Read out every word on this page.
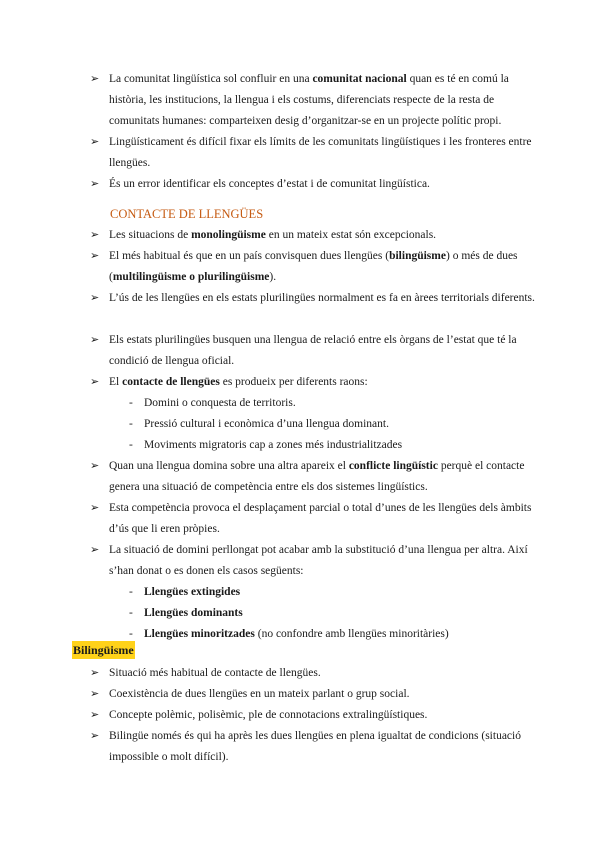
➢ La comunitat lingüística sol confluir en una comunitat nacional quan es té en comú la història, les institucions, la llengua i els costums, diferenciats respecte de la resta de comunitats humanes: comparteixen desig d’organitzar-se en un projecte polític propi.
➢ Lingüísticament és difícil fixar els límits de les comunitats lingüístiques i les fronteres entre llengües.
➢ És un error identificar els conceptes d’estat i de comunitat lingüística.
CONTACTE DE LLENGÜES
➢ Les situacions de monolingüisme en un mateix estat són excepcionals.
➢ El més habitual és que en un país convisquen dues llengües (bilingüisme) o més de dues (multilingüisme o plurilingüisme).
➢ L’ús de les llengües en els estats plurilingües normalment es fa en àrees territorials diferents.
➢ Els estats plurilingües busquen una llengua de relació entre els òrgans de l’estat que té la condició de llengua oficial.
➢ El contacte de llengües es produeix per diferents raons:
- Domini o conquesta de territoris.
- Pressió cultural i econòmica d’una llengua dominant.
- Moviments migratoris cap a zones més industrialitzades
➢ Quan una llengua domina sobre una altra apareix el conflicte lingüístic perquè el contacte genera una situació de competència entre els dos sistemes lingüístics.
➢ Esta competència provoca el desplaçament parcial o total d’unes de les llengües dels àmbits d’ús que li eren pròpies.
➢ La situació de domini perllongat pot acabar amb la substitució d’una llengua per altra. Així s’han donat o es donen els casos següents:
- Llengües extingides
- Llengües dominants
- Llengües minoritzades (no confondre amb llengües minoritàries)
Bilingüisme
➢ Situació més habitual de contacte de llengües.
➢ Coexistència de dues llengües en un mateix parlant o grup social.
➢ Concepte polèmic, polisèmic, ple de connotacions extralingüístiques.
➢ Bilingüe només és qui ha après les dues llengües en plena igualtat de condicions (situació impossible o molt difícil).
